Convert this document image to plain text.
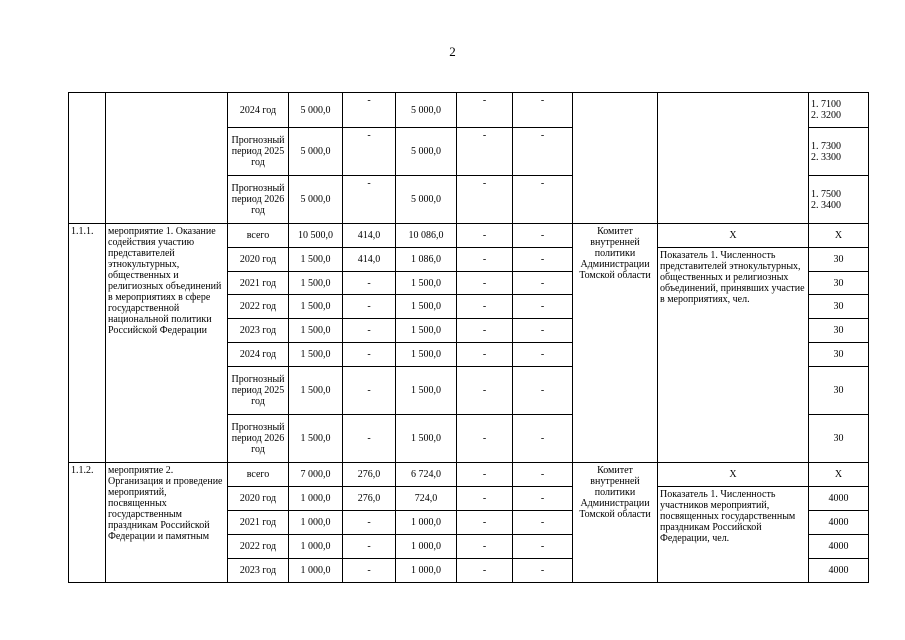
2
		2024 год	5 000,0	-	5 000,0	-	-			1. 7100
2. 3200

		Прогнозный период 2025 год	5 000,0	-	5 000,0	-	-			1. 7300
2. 3300

		Прогнозный период 2026 год	5 000,0	-	5 000,0	-	-			1. 7500
2. 3400

1.1.1.	мероприятие 1. Оказание содействия участию представителей этнокультурных, общественных и религиозных объединений в мероприятиях в сфере государственной национальной политики Российской Федерации	всего	10 500,0	414,0	10 086,0	-	-	Комитет внутренней политики Администрации Томской области	Х	Х
		2020 год	1 500,0	414,0	1 086,0	-	-		Показатель 1. Численность представителей этнокультурных, общественных и религиозных объединений, принявших участие в мероприятиях, чел.	30
		2021 год	1 500,0	-	1 500,0	-	-			30
		2022 год	1 500,0	-	1 500,0	-	-			30
		2023 год	1 500,0	-	1 500,0	-	-			30
		2024 год	1 500,0	-	1 500,0	-	-			30
		Прогнозный период 2025 год	1 500,0	-	1 500,0	-	-			30
		Прогнозный период 2026 год	1 500,0	-	1 500,0	-	-			30
1.1.2.	мероприятие 2. Организация и проведение мероприятий, посвященных государственным праздникам Российской Федерации и памятным	всего	7 000,0	276,0	6 724,0	-	-	Комитет внутренней политики Администрации Томской области	Х	Х
		2020 год	1 000,0	276,0	724,0	-	-		Показатель 1. Численность участников мероприятий, посвященных государственным праздникам Российской Федерации, чел.	4000
		2021 год	1 000,0	-	1 000,0	-	-			4000
		2022 год	1 000,0	-	1 000,0	-	-			4000
		2023 год	1 000,0	-	1 000,0	-	-			4000
